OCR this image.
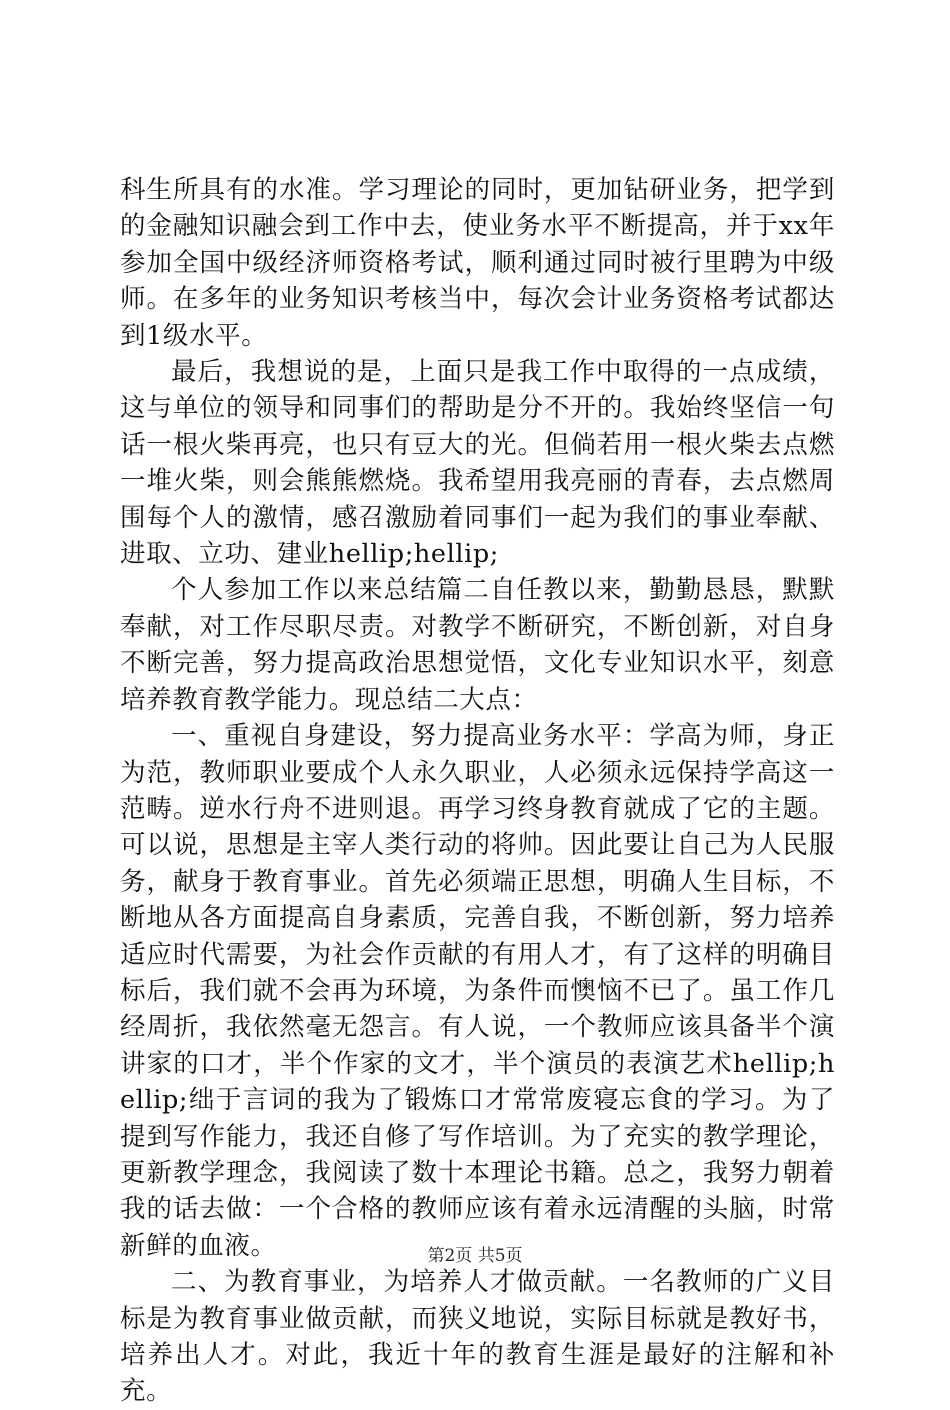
科生所具有的水准。学习理论的同时，更加钻研业务，把学到的金融知识融会到工作中去，使业务水平不断提高，并于xx年参加全国中级经济师资格考试，顺利通过同时被行里聘为中级师。在多年的业务知识考核当中，每次会计业务资格考试都达到1级水平。

最后，我想说的是，上面只是我工作中取得的一点成绩，这与单位的领导和同事们的帮助是分不开的。我始终坚信一句话一根火柴再亮，也只有豆大的光。但倘若用一根火柴去点燃一堆火柴，则会熊熊燃烧。我希望用我亮丽的青春，去点燃周围每个人的激情，感召激励着同事们一起为我们的事业奉献、进取、立功、建业hellip;hellip;

个人参加工作以来总结篇二自任教以来，勤勤恳恳，默默奉献，对工作尽职尽责。对教学不断研究，不断创新，对自身不断完善，努力提高政治思想觉悟，文化专业知识水平，刻意培养教育教学能力。现总结二大点：

一、重视自身建设，努力提高业务水平：学高为师，身正为范，教师职业要成个人永久职业，人必须永远保持学高这一范畴。逆水行舟不进则退。再学习终身教育就成了它的主题。可以说，思想是主宰人类行动的将帅。因此要让自己为人民服务，献身于教育事业。首先必须端正思想，明确人生目标，不断地从各方面提高自身素质，完善自我，不断创新，努力培养适应时代需要，为社会作贡献的有用人才，有了这样的明确目标后，我们就不会再为环境，为条件而懊恼不已了。虽工作几经周折，我依然毫无怨言。有人说，一个教师应该具备半个演讲家的口才，半个作家的文才，半个演员的表演艺术hellip;hellip;绌于言词的我为了锻炼口才常常废寝忘食的学习。为了提到写作能力，我还自修了写作培训。为了充实的教学理论，更新教学理念，我阅读了数十本理论书籍。总之，我努力朝着我的话去做：一个合格的教师应该有着永远清醒的头脑，时常新鲜的血液。

二、为教育事业，为培养人才做贡献。一名教师的广义目标是为教育事业做贡献，而狭义地说，实际目标就是教好书，培养出人才。对此，我近十年的教育生涯是最好的注解和补充。

第2页 共5页
